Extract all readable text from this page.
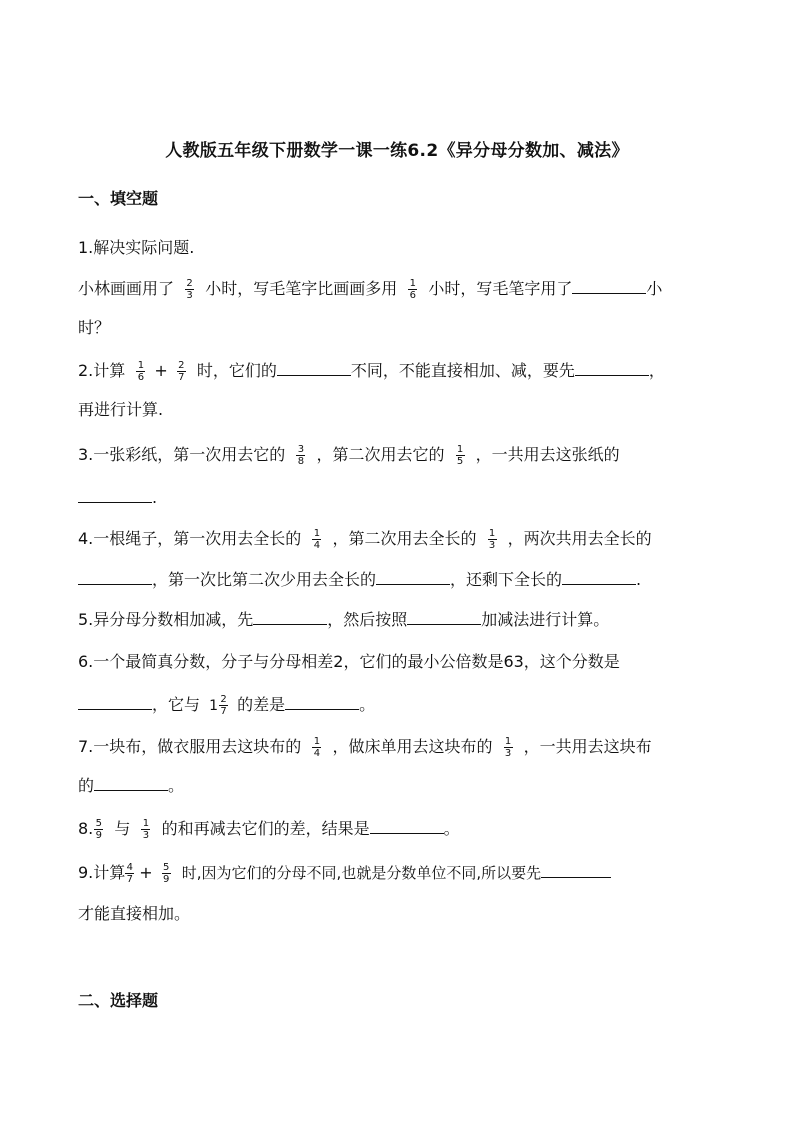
人教版五年级下册数学一课一练6.2《异分母分数加、减法》
一、填空题
1.解决实际问题.
小林画画用了 $\frac{2}{3}$ 小时，写毛笔字比画画多用 $\frac{1}{6}$ 小时，写毛笔字用了	小
时？
2.计算 $\frac{1}{6} + \frac{2}{7}$ 时，它们的	不同，不能直接相加、减，要先	，
再进行计算.
3.一张彩纸，第一次用去它的 $\frac{3}{8}$ ，第二次用去它的 $\frac{1}{5}$ ，一共用去这张纸的
.
4.一根绳子，第一次用去全长的 $\frac{1}{4}$ ，第二次用去全长的 $\frac{1}{3}$ ，两次共用去全长的
，第一次比第二次少用去全长的	，还剩下全长的	.
5.异分母分数相加减，先	，然后按照	加减法进行计算。
6.一个最简真分数，分子与分母相差2，它们的最小公倍数是63，这个分数是
，它与 $1 \frac{2}{7}$ 的差是	。
7.一块布，做衣服用去这块布的 $\frac{1}{4}$ ，做床单用去这块布的 $\frac{1}{3}$ ，一共用去这块布
的	。
8. $\frac{5}{9}$ 与 $\frac{1}{3}$ 的和再减去它们的差，结果是	。
9.计算 $\frac{4}{7} + \frac{5}{9}$ 时,因为它们的分母不同,也就是分数单位不同,所以要先
才能直接相加。
二、选择题
